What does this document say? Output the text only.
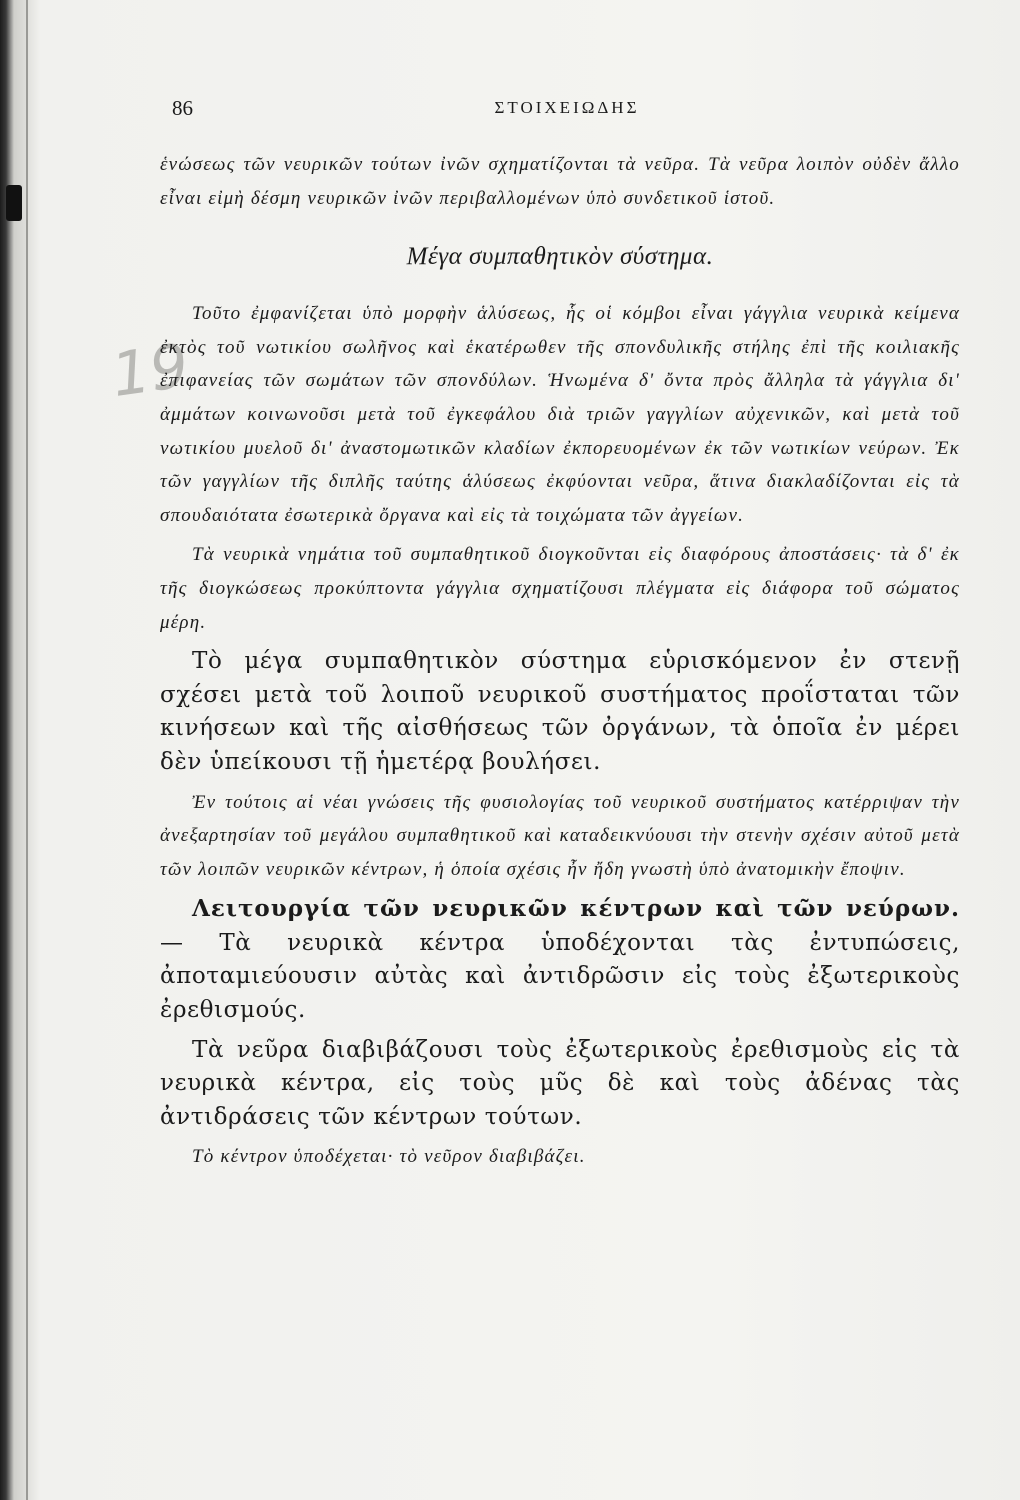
86	ΣΤΟΙΧΕΙΩΔΗΣ
19

ἑνώσεως τῶν νευρικῶν τούτων ἰνῶν σχηματίζονται τὰ νεῦρα. Τὰ νεῦρα λοιπὸν οὐδὲν ἄλλο εἶναι εἰμὴ δέσμη νευρικῶν ἰνῶν περιβαλλομένων ὑπὸ συνδετικοῦ ἱστοῦ.

Μέγα συμπαθητικὸν σύστημα.

Τοῦτο ἐμφανίζεται ὑπὸ μορφὴν ἁλύσεως, ἧς οἱ κόμβοι εἶναι γάγγλια νευρικὰ κείμενα ἐκτὸς τοῦ νωτικίου σωλῆνος καὶ ἑκατέρωθεν τῆς σπονδυλικῆς στήλης ἐπὶ τῆς κοιλιακῆς ἐπιφανείας τῶν σωμάτων τῶν σπονδύλων. Ἡνωμένα δ' ὄντα πρὸς ἄλληλα τὰ γάγγλια δι' ἀμμάτων κοινωνοῦσι μετὰ τοῦ ἐγκεφάλου διὰ τριῶν γαγγλίων αὐχενικῶν, καὶ μετὰ τοῦ νωτικίου μυελοῦ δι' ἀναστομωτικῶν κλαδίων ἐκπορευομένων ἐκ τῶν νωτικίων νεύρων. Ἐκ τῶν γαγγλίων τῆς διπλῆς ταύτης ἁλύσεως ἐκφύονται νεῦρα, ἅτινα διακλαδίζονται εἰς τὰ σπουδαιότατα ἐσωτερικὰ ὄργανα καὶ εἰς τὰ τοιχώματα τῶν ἀγγείων.

Τὰ νευρικὰ νημάτια τοῦ συμπαθητικοῦ διογκοῦνται εἰς διαφόρους ἀποστάσεις· τὰ δ' ἐκ τῆς διογκώσεως προκύπτοντα γάγγλια σχηματίζουσι πλέγματα εἰς διάφορα τοῦ σώματος μέρη.

Τὸ μέγα συμπαθητικὸν σύστημα εὑρισκόμενον ἐν στενῇ σχέσει μετὰ τοῦ λοιποῦ νευρικοῦ συστήματος προΐσταται τῶν κινήσεων καὶ τῆς αἰσθήσεως τῶν ὀργάνων, τὰ ὁποῖα ἐν μέρει δὲν ὑπείκουσι τῇ ἡμετέρᾳ βουλήσει.

Ἐν τούτοις αἱ νέαι γνώσεις τῆς φυσιολογίας τοῦ νευρικοῦ συστήματος κατέρριψαν τὴν ἀνεξαρτησίαν τοῦ μεγάλου συμπαθητικοῦ καὶ καταδεικνύουσι τὴν στενὴν σχέσιν αὐτοῦ μετὰ τῶν λοιπῶν νευρικῶν κέντρων, ἡ ὁποία σχέσις ἦν ἤδη γνωστὴ ὑπὸ ἀνατομικὴν ἔποψιν.

Λειτουργία τῶν νευρικῶν κέντρων καὶ τῶν νεύρων. — Τὰ νευρικὰ κέντρα ὑποδέχονται τὰς ἐντυπώσεις, ἀποταμιεύουσιν αὐτὰς καὶ ἀντιδρῶσιν εἰς τοὺς ἐξωτερικοὺς ἐρεθισμούς.

Τὰ νεῦρα διαβιβάζουσι τοὺς ἐξωτερικοὺς ἐρεθισμοὺς εἰς τὰ νευρικὰ κέντρα, εἰς τοὺς μῦς δὲ καὶ τοὺς ἀδένας τὰς ἀντιδράσεις τῶν κέντρων τούτων.

Τὸ κέντρον ὑποδέχεται· τὸ νεῦρον διαβιβάζει.
